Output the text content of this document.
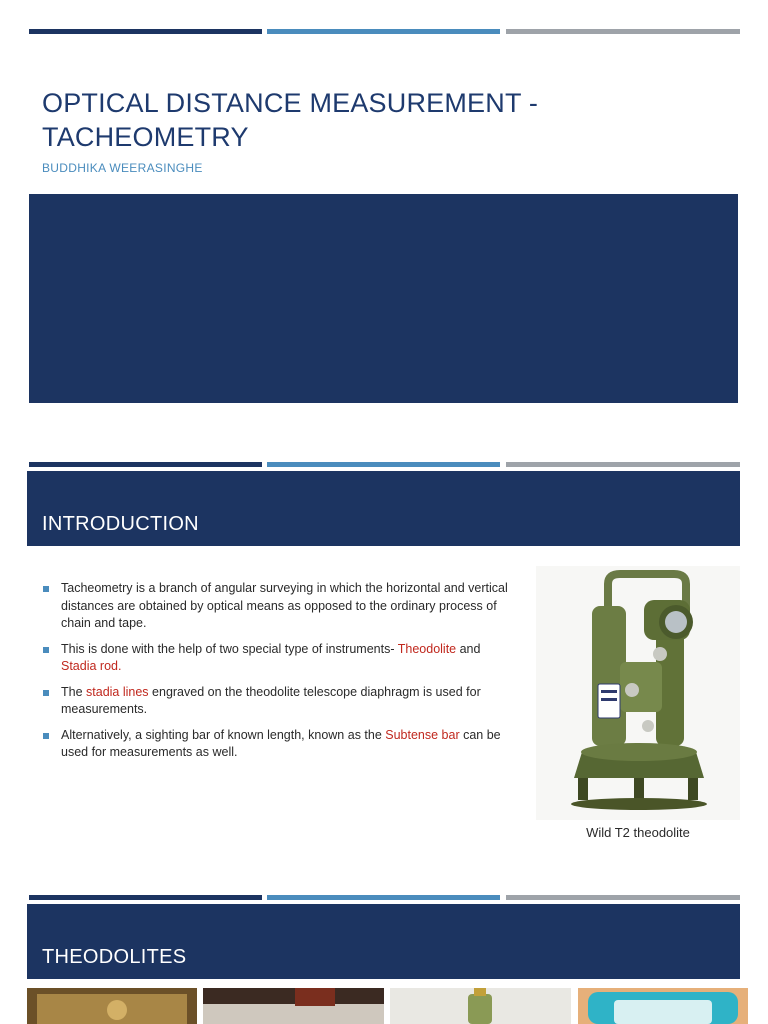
OPTICAL DISTANCE MEASUREMENT - TACHEOMETRY
BUDDHIKA WEERASINGHE
INTRODUCTION
Tacheometry is a branch of angular surveying in which the horizontal and vertical distances are obtained by optical means as opposed to the ordinary process of chain and tape.
This is done with the help of two special type of instruments- Theodolite and
Stadia rod.
The stadia lines engraved on the theodolite telescope diaphragm is used for measurements.
Alternatively, a sighting bar of known length, known as the Subtense bar can be used for measurements as well.
Wild T2 theodolite
THEODOLITES
